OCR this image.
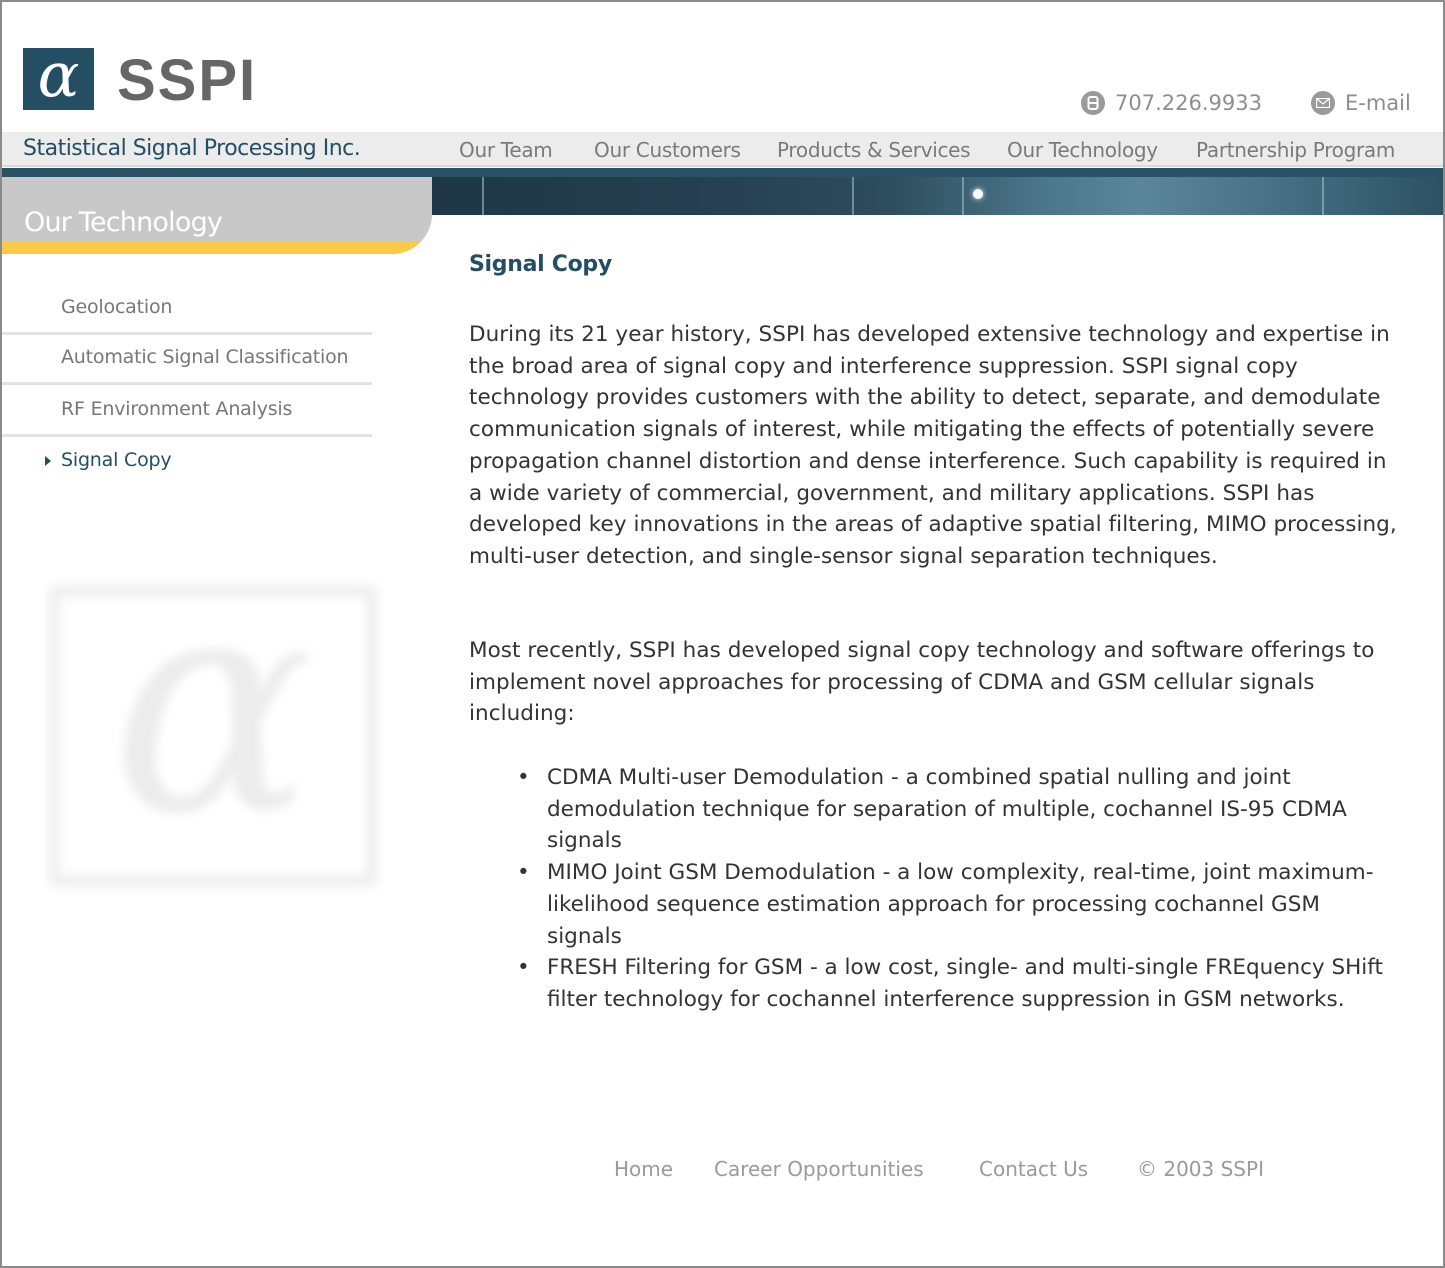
α SSPI	707.226.9933	E-mail
Statistical Signal Processing Inc.	Our Team Our Customers Products & Services Our Technology Partnership Program
Our Technology
Geolocation
Automatic Signal Classification
RF Environment Analysis
Signal Copy
α
Signal Copy

During its 21 year history, SSPI has developed extensive technology and expertise in the broad area of signal copy and interference suppression. SSPI signal copy technology provides customers with the ability to detect, separate, and demodulate communication signals of interest, while mitigating the effects of potentially severe propagation channel distortion and dense interference. Such capability is required in a wide variety of commercial, government, and military applications. SSPI has developed key innovations in the areas of adaptive spatial filtering, MIMO processing, multi-user detection, and single-sensor signal separation techniques.

Most recently, SSPI has developed signal copy technology and software offerings to implement novel approaches for processing of CDMA and GSM cellular signals including:

• CDMA Multi-user Demodulation - a combined spatial nulling and joint demodulation technique for separation of multiple, cochannel IS-95 CDMA signals
• MIMO Joint GSM Demodulation - a low complexity, real-time, joint maximum-likelihood sequence estimation approach for processing cochannel GSM signals
• FRESH Filtering for GSM - a low cost, single- and multi-single FREquency SHift filter technology for cochannel interference suppression in GSM networks.
Home Career Opportunities	Contact Us © 2003 SSPI
